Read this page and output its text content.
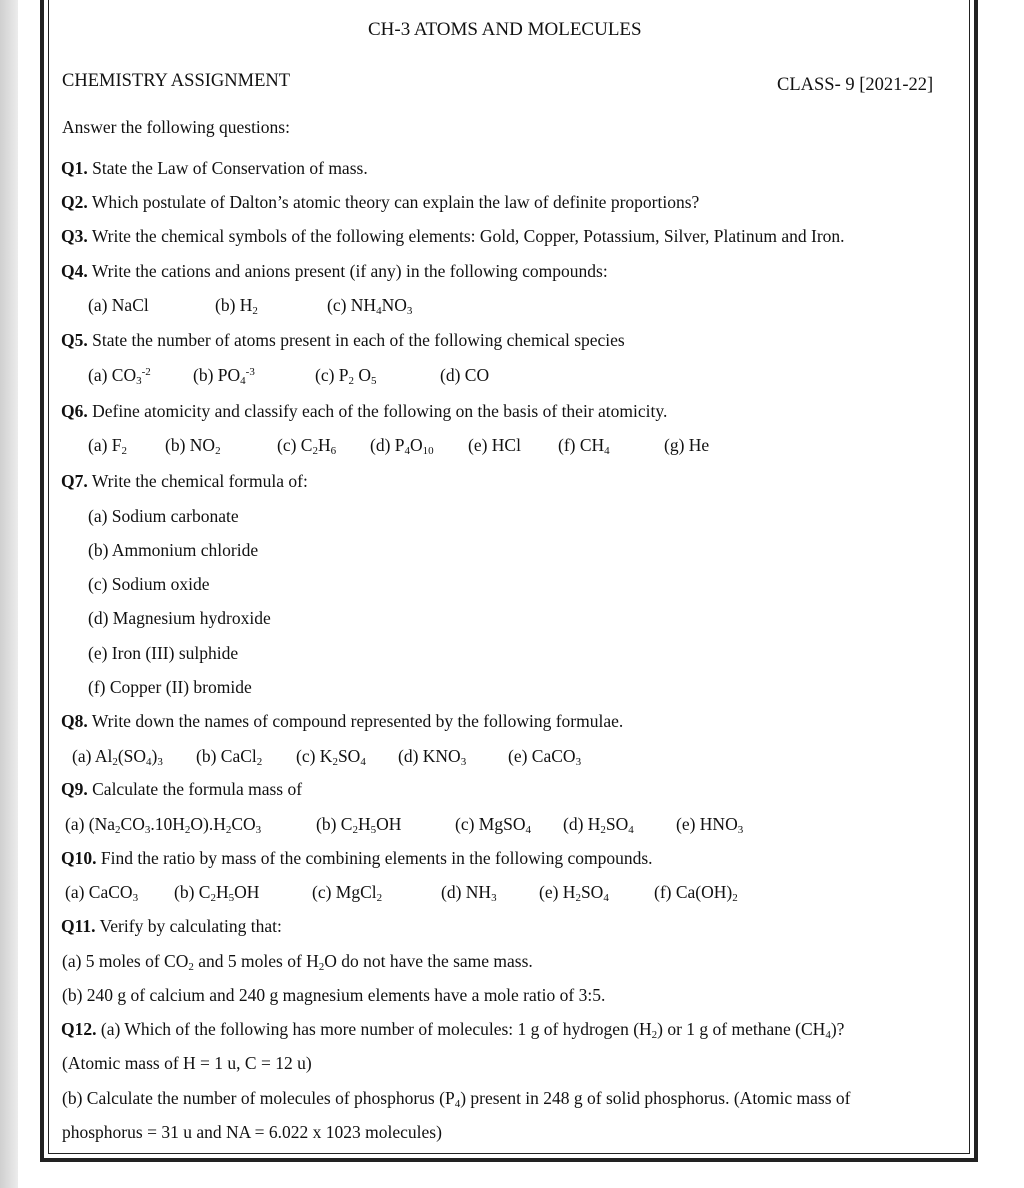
CH-3 ATOMS AND MOLECULES
CHEMISTRY ASSIGNMENT	CLASS- 9 [2021-22]
Answer the following questions:
Q1. State the Law of Conservation of mass.
Q2. Which postulate of Dalton’s atomic theory can explain the law of definite proportions?
Q3. Write the chemical symbols of the following elements: Gold, Copper, Potassium, Silver, Platinum and Iron.
Q4. Write the cations and anions present (if any) in the following compounds:
(a) NaCl	(b) $H_2$	(c) $NH_4NO_3$
Q5. State the number of atoms present in each of the following chemical species
(a) $CO_3^{-2}$ (b) $PO_4^{-3}$	(c) $P_2$ $O_5$	(d) CO
Q6. Define atomicity and classify each of the following on the basis of their atomicity.
(a) $F_2$ (b) $NO_2$	(c) $C_2H_6$ (d) $P_4O_{10}$ (e) HCl (f) $CH_4$	(g) He
Q7. Write the chemical formula of:
(a) Sodium carbonate
(b) Ammonium chloride
(c) Sodium oxide
(d) Magnesium hydroxide
(e) Iron (III) sulphide
(f) Copper (II) bromide
Q8. Write down the names of compound represented by the following formulae.
(a) $Al_2(SO_4)_3$ (b) CaCl$_2$ (c) $K_2SO_4$ (d) $KNO_3$ (e) CaCO$_3$
Q9. Calculate the formula mass of
(a) $(Na_2CO_3.10H_2O).H_2CO_3$	(b) $C_2H_5OH$	(c) MgSO$_4$ (d) $H_2SO_4$ (e) $HNO_3$
Q10. Find the ratio by mass of the combining elements in the following compounds.
(a) CaCO$_3$ (b) $C_2H_5OH$	(c) MgCl$_2$	(d) $NH_3$ (e) $H_2SO_4$	(f) $Ca(OH)_2$
Q11. Verify by calculating that:
(a) 5 moles of $CO_2$ and 5 moles of $H_2O$ do not have the same mass.
(b) 240 g of calcium and 240 g magnesium elements have a mole ratio of 3:5.
Q12. (a) Which of the following has more number of molecules: 1 g of hydrogen $(H_2)$ or 1 g of methane $(CH_4)$?
(Atomic mass of H = 1 u, C = 12 u)
(b) Calculate the number of molecules of phosphorus $(P_4)$ present in 248 g of solid phosphorus. (Atomic mass of
phosphorus = 31 u and NA = 6.022 x 1023 molecules)
